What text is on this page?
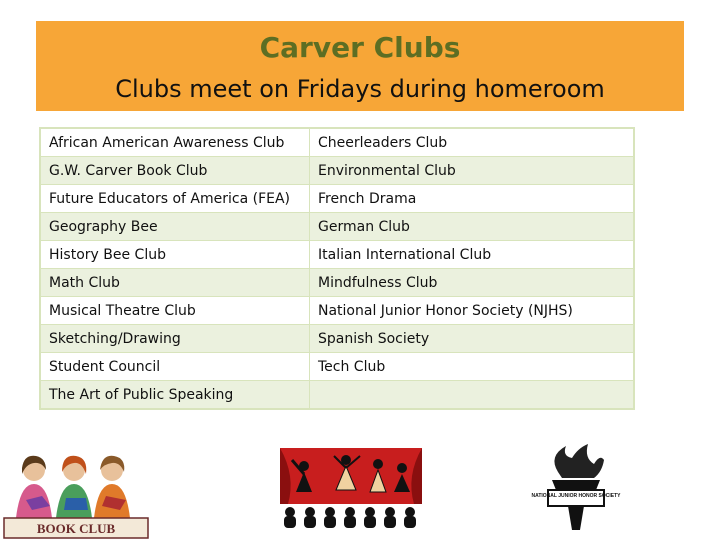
Carver Clubs
Clubs meet on Fridays during homeroom
African American Awareness Club	Cheerleaders Club
G.W. Carver Book Club	Environmental Club
Future Educators of America (FEA)	French Drama
Geography Bee	German Club
History Bee Club	Italian International Club
Math Club	Mindfulness Club
Musical Theatre Club	National Junior Honor Society (NJHS)
Sketching/Drawing	Spanish Society
Student Council	Tech Club
The Art of Public Speaking	
BOOK CLUB
NATIONAL JUNIOR HONOR SOCIETY
